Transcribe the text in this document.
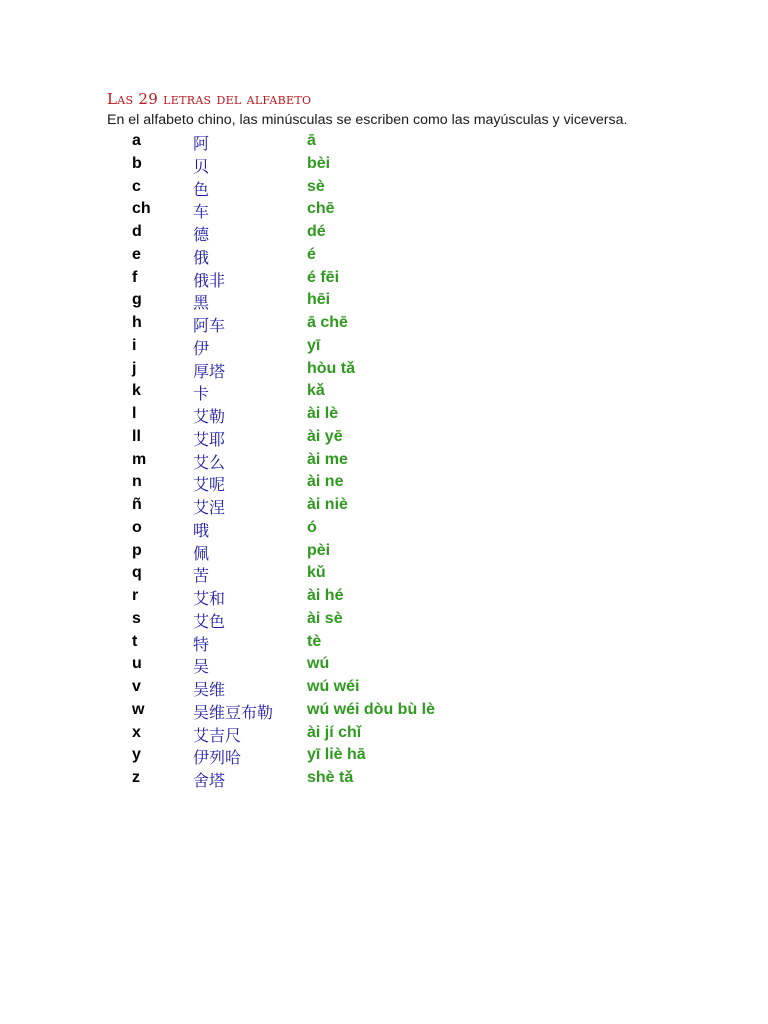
Las 29 letras del alfabeto
En el alfabeto chino, las minúsculas se escriben como las mayúsculas y viceversa.
a	阿	ā
b	贝	bèi
c	色	sè
ch	车	chē
d	德	dé
e	俄	é
f	俄非	é fēi
g	黑	hēi
h	阿车	ā chē
i	伊	yī
j	厚塔	hòu tǎ
k	卡	kǎ
l	艾勒	ài lè
ll	艾耶	ài yē
m	艾么	ài me
n	艾呢	ài ne
ñ	艾涅	ài niè
o	哦	ó
p	佩	pèi
q	苦	kǔ
r	艾和	ài hé
s	艾色	ài sè
t	特	tè
u	吴	wú
v	吴维	wú wéi
w	吴维豆布勒 wú wéi dòu bù lè
x	艾吉尺	ài jí chǐ
y	伊列哈	yī liè hā
z	舍塔	shè tǎ
